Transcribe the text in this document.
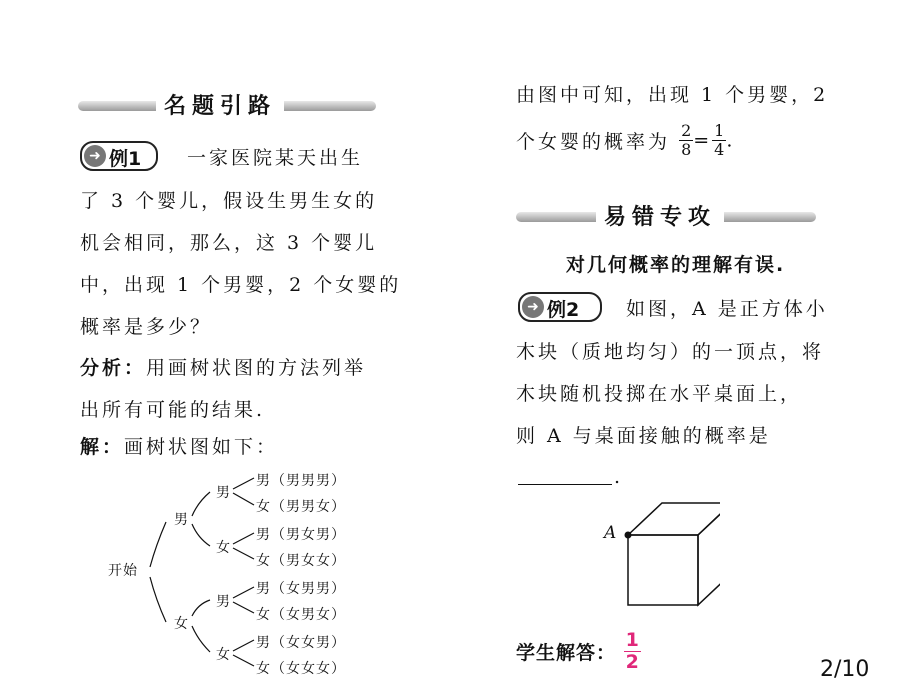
名题引路
➜ 例1 一家医院某天出生
了 3 个婴儿，假设生男生女的
机会相同，那么，这 3 个婴儿
中，出现 1 个男婴，2 个女婴的
概率是多少？
分析：用画树状图的方法列举
出所有可能的结果.
解：画树状图如下：
开始
男
女
男
女
男
女
男（男男男）
女（男男女）
男（男女男）
女（男女女）
男（女男男）
女（女男女）
男（女女男）
女（女女女）
由图中可知，出现 1 个男婴，2
个女婴的概率为 $\frac{2}{8} = \frac{1}{4}$ .
易错专攻
对几何概率的理解有误.
➜ 例2 如图，A 是正方体小
木块（质地均匀）的一顶点，将
木块随机投掷在水平桌面上，
则 A 与桌面接触的概率是
.
A
学生解答： $\frac{1}{2}$	2/10
